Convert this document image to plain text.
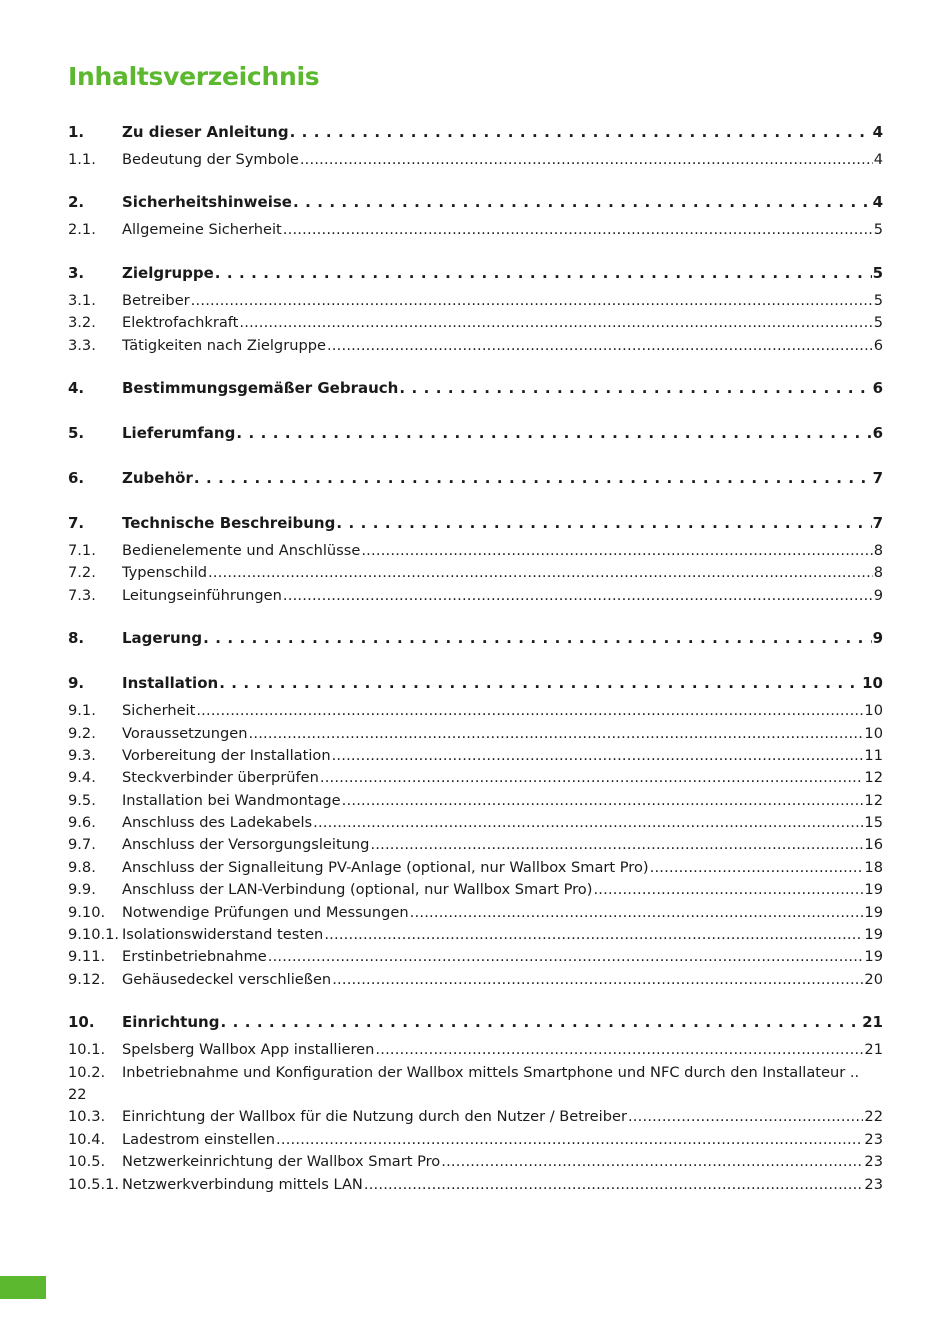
Inhaltsverzeichnis
1.	Zu dieser Anleitung . . .	4
1.1.	Bedeutung der Symbole .....	4
2.	Sicherheitshinweise . . .	4
2.1.	Allgemeine Sicherheit .....	5
3.	Zielgruppe . . .	5
3.1.	Betreiber .....	5
3.2.	Elektrofachkraft .....	5
3.3.	Tätigkeiten nach Zielgruppe .....	6
4.	Bestimmungsgemäßer Gebrauch . . .	6
5.	Lieferumfang . . .	6
6.	Zubehör . . .	7
7.	Technische Beschreibung . . .	7
7.1.	Bedienelemente und Anschlüsse .....	8
7.2.	Typenschild .....	8
7.3.	Leitungseinführungen .....	9
8.	Lagerung . . .	9
9.	Installation . . .	10
9.1.	Sicherheit .....	10
9.2.	Voraussetzungen .....	10
9.3.	Vorbereitung der Installation .....	11
9.4.	Steckverbinder überprüfen .....	12
9.5.	Installation bei Wandmontage .....	12
9.6.	Anschluss des Ladekabels .....	15
9.7.	Anschluss der Versorgungsleitung .....	16
9.8.	Anschluss der Signalleitung PV-Anlage (optional, nur Wallbox Smart Pro) .....	18
9.9.	Anschluss der LAN-Verbindung (optional, nur Wallbox Smart Pro) .....	19
9.10.	Notwendige Prüfungen und Messungen .....	19
9.10.1. Isolationswiderstand testen .....	19
9.11.	Erstinbetriebnahme .....	19
9.12.	Gehäusedeckel verschließen .....	20
10.	Einrichtung . . .	21
10.1.	Spelsberg Wallbox App installieren .....	21
10.2.	Inbetriebnahme und Konfiguration der Wallbox mittels Smartphone und NFC durch den Installateur ..
22
10.3.	Einrichtung der Wallbox für die Nutzung durch den Nutzer / Betreiber .....	22
10.4.	Ladestrom einstellen .....	23
10.5.	Netzwerkeinrichtung der Wallbox Smart Pro .....	23
10.5.1. Netzwerkverbindung mittels LAN .....	23
